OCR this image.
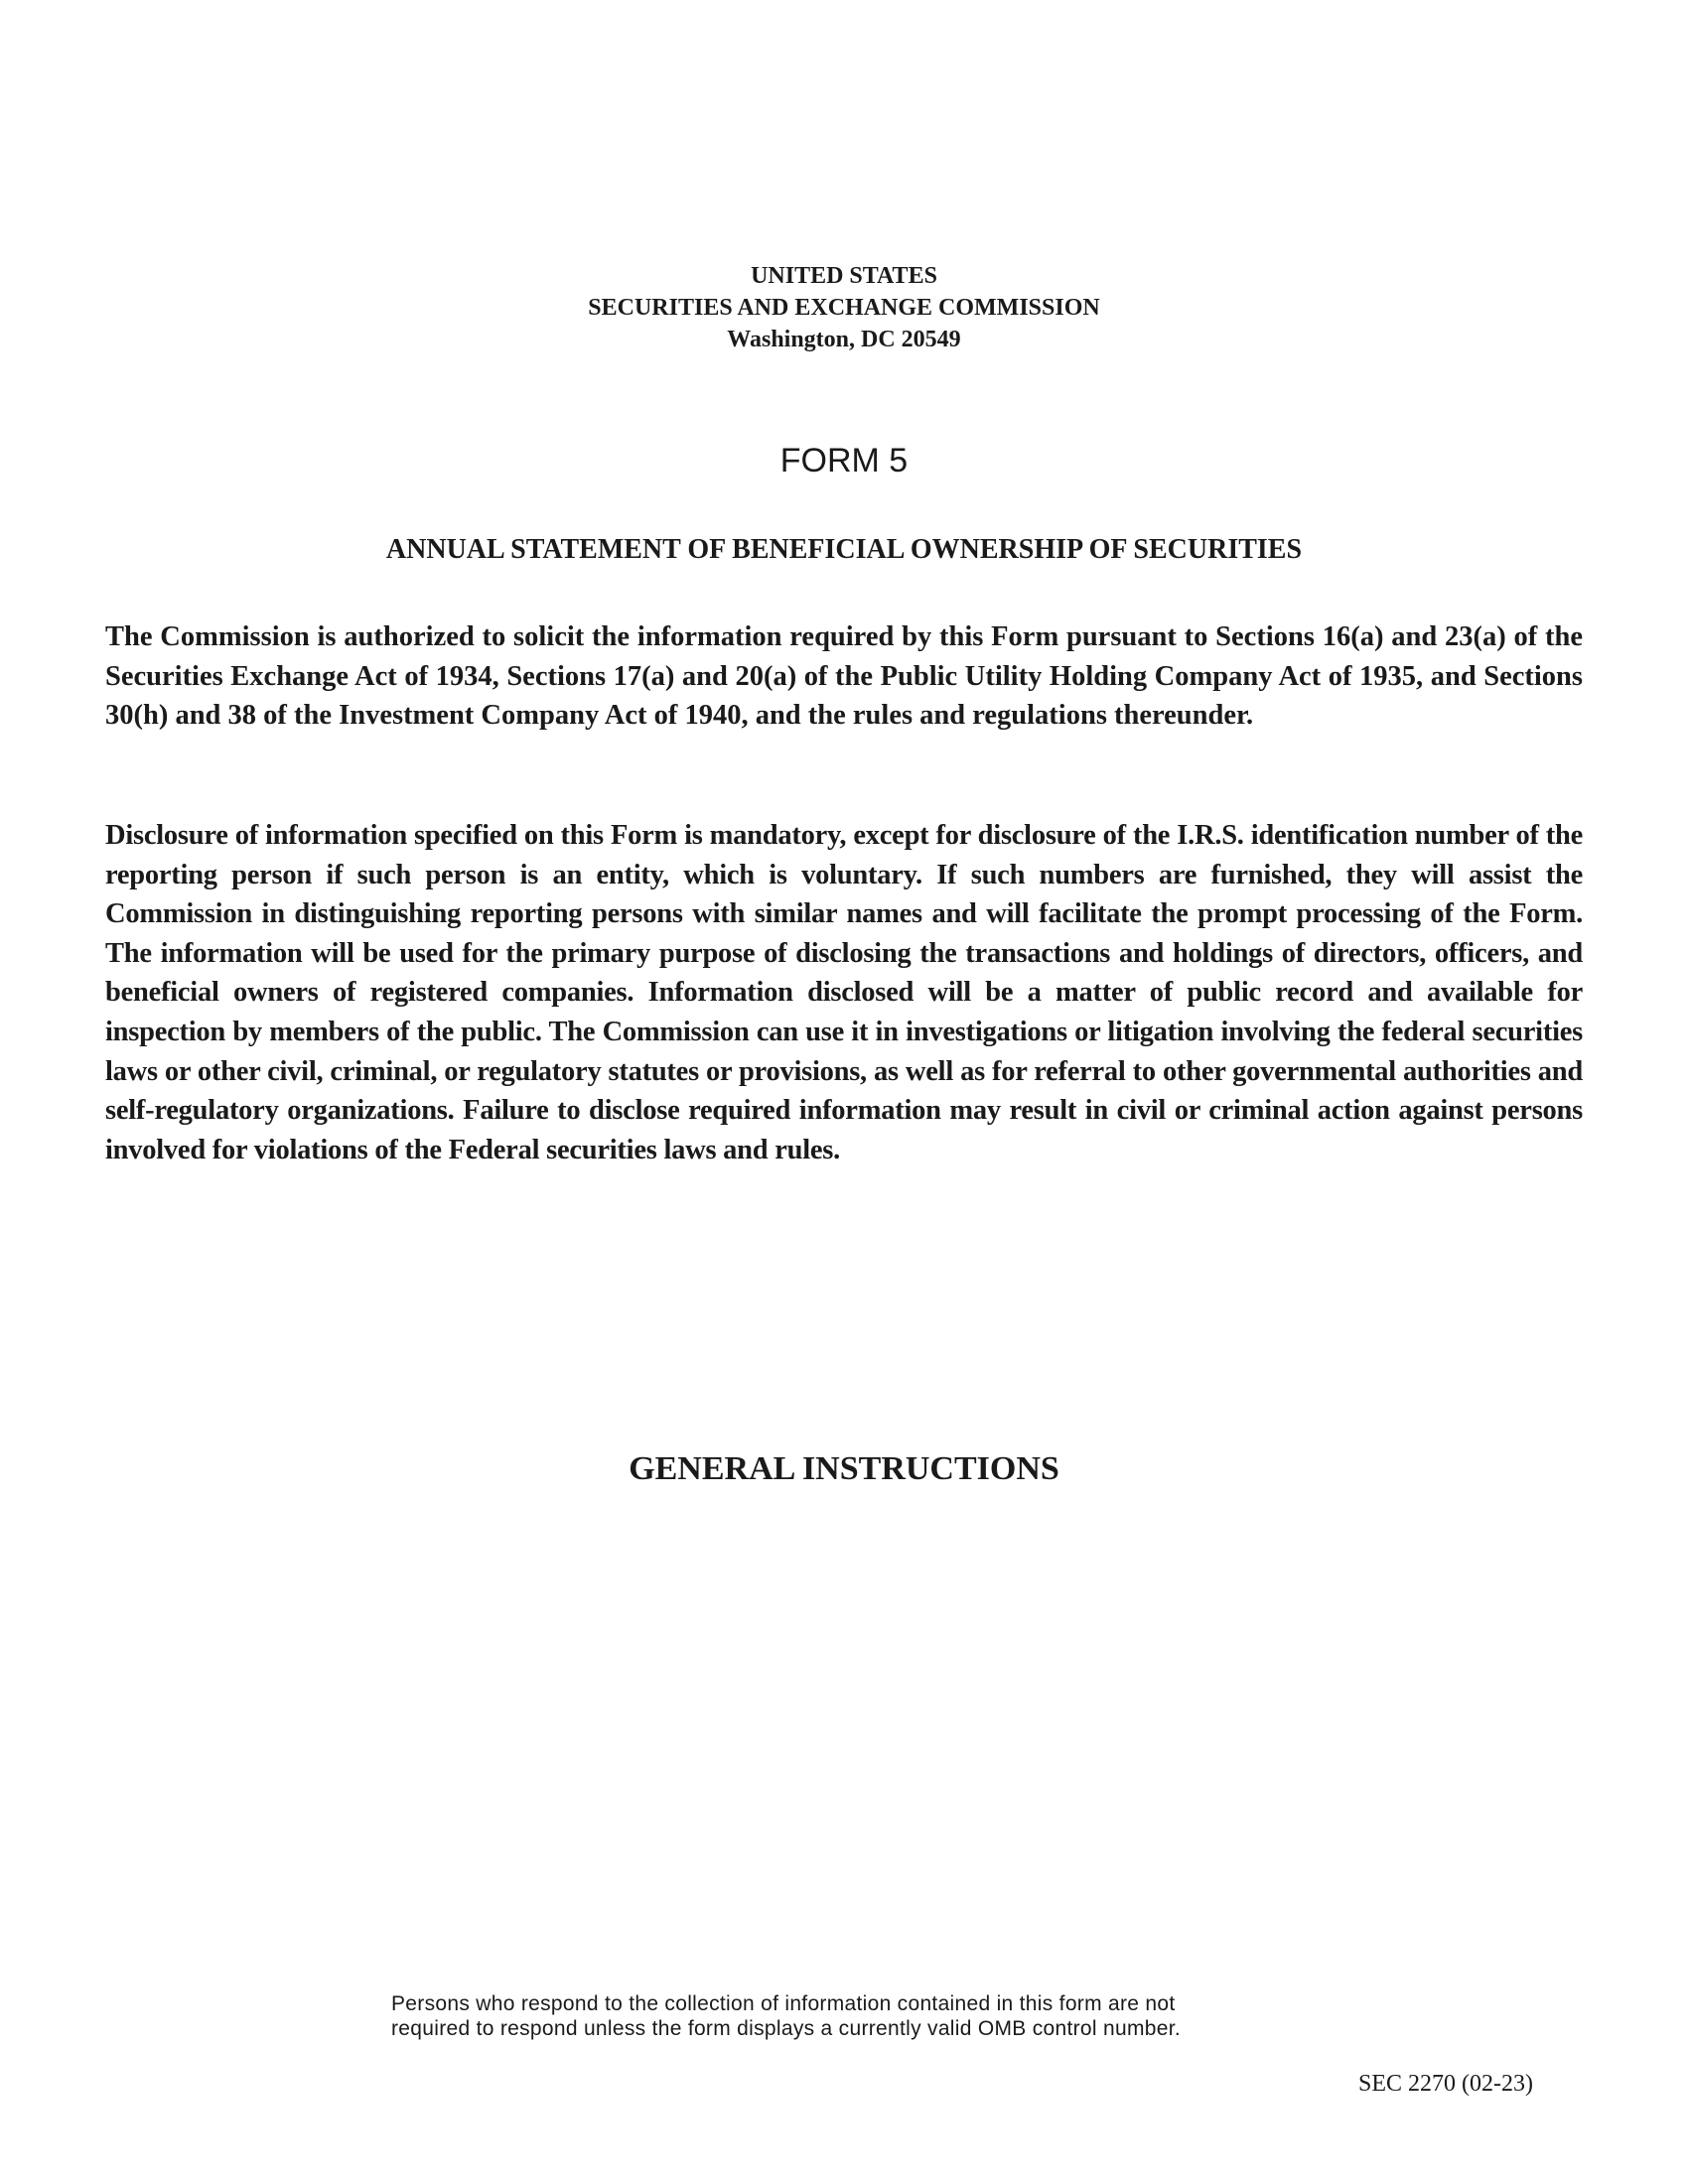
UNITED STATES
SECURITIES AND EXCHANGE COMMISSION
Washington, DC 20549
FORM 5
ANNUAL STATEMENT OF BENEFICIAL OWNERSHIP OF SECURITIES

The Commission is authorized to solicit the information required by this Form pursuant to Sections 16(a) and 23(a) of the Securities Exchange Act of 1934, Sections 17(a) and 20(a) of the Public Utility Holding Company Act of 1935, and Sections 30(h) and 38 of the Investment Company Act of 1940, and the rules and regulations thereunder.

Disclosure of information specified on this Form is mandatory, except for disclosure of the I.R.S. identification number of the reporting person if such person is an entity, which is voluntary. If such numbers are furnished, they will assist the Commission in distinguishing reporting persons with similar names and will facilitate the prompt processing of the Form. The information will be used for the primary purpose of disclosing the transactions and holdings of directors, officers, and beneficial owners of registered companies. Information disclosed will be a matter of public record and available for inspection by members of the public. The Commission can use it in investigations or litigation involving the federal securities laws or other civil, criminal, or regulatory statutes or provisions, as well as for referral to other governmental authorities and self-regulatory organizations. Failure to disclose required information may result in civil or criminal action against persons involved for violations of the Federal securities laws and rules.

GENERAL INSTRUCTIONS
Persons who respond to the collection of information contained in this form are not
required to respond unless the form displays a currently valid OMB control number.
SEC 2270 (02-23)
